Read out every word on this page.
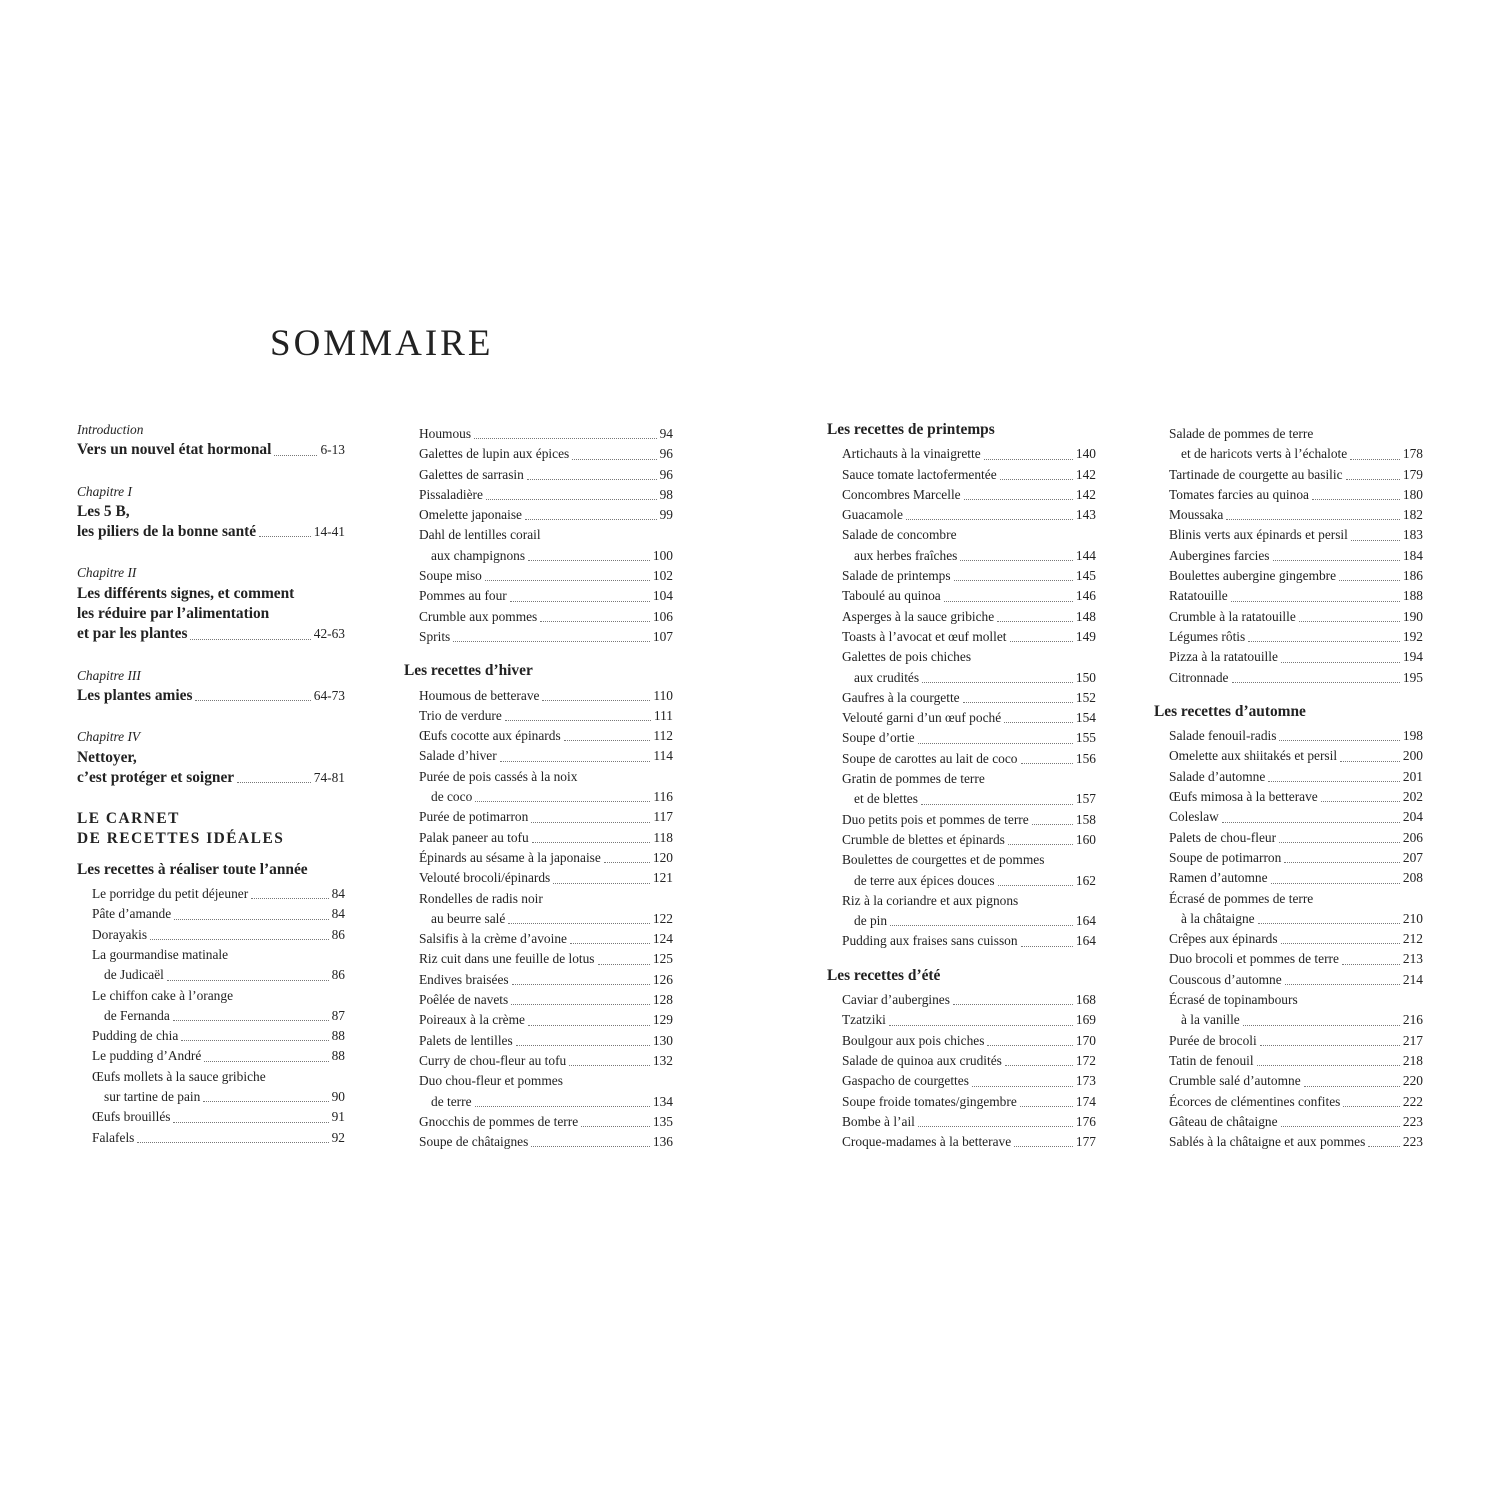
SOMMAIRE
Introduction
Vers un nouvel état hormonal	6-13
Chapitre I
Les 5 B,
les piliers de la bonne santé	14-41
Chapitre II
Les différents signes, et comment
les réduire par l’alimentation
et par les plantes	42-63
Chapitre III
Les plantes amies	64-73
Chapitre IV
Nettoyer,
c’est protéger et soigner	74-81
LE CARNET
DE RECETTES IDÉALES
Les recettes à réaliser toute l’année
Le porridge du petit déjeuner	84
Pâte d’amande	84
Dorayakis	86
La gourmandise matinale
de Judicaël	86
Le chiffon cake à l’orange
de Fernanda	87
Pudding de chia	88
Le pudding d’André	88
Œufs mollets à la sauce gribiche
sur tartine de pain	90
Œufs brouillés	91
Falafels	92
Houmous	94
Galettes de lupin aux épices	96
Galettes de sarrasin	96
Pissaladière	98
Omelette japonaise	99
Dahl de lentilles corail
aux champignons	100
Soupe miso	102
Pommes au four	104
Crumble aux pommes	106
Sprits	107
Les recettes d’hiver
Houmous de betterave	110
Trio de verdure	111
Œufs cocotte aux épinards	112
Salade d’hiver	114
Purée de pois cassés à la noix
de coco	116
Purée de potimarron	117
Palak paneer au tofu	118
Épinards au sésame à la japonaise	120
Velouté brocoli/épinards	121
Rondelles de radis noir
au beurre salé	122
Salsifis à la crème d’avoine	124
Riz cuit dans une feuille de lotus	125
Endives braisées	126
Poêlée de navets	128
Poireaux à la crème	129
Palets de lentilles	130
Curry de chou-fleur au tofu	132
Duo chou-fleur et pommes
de terre	134
Gnocchis de pommes de terre	135
Soupe de châtaignes	136
Les recettes de printemps
Artichauts à la vinaigrette	140
Sauce tomate lactofermentée	142
Concombres Marcelle	142
Guacamole	143
Salade de concombre
aux herbes fraîches	144
Salade de printemps	145
Taboulé au quinoa	146
Asperges à la sauce gribiche	148
Toasts à l’avocat et œuf mollet	149
Galettes de pois chiches
aux crudités	150
Gaufres à la courgette	152
Velouté garni d’un œuf poché	154
Soupe d’ortie	155
Soupe de carottes au lait de coco	156
Gratin de pommes de terre
et de blettes	157
Duo petits pois et pommes de terre	158
Crumble de blettes et épinards	160
Boulettes de courgettes et de pommes
de terre aux épices douces	162
Riz à la coriandre et aux pignons
de pin	164
Pudding aux fraises sans cuisson	164
Les recettes d’été
Caviar d’aubergines	168
Tzatziki	169
Boulgour aux pois chiches	170
Salade de quinoa aux crudités	172
Gaspacho de courgettes	173
Soupe froide tomates/gingembre	174
Bombe à l’ail	176
Croque-madames à la betterave	177
Salade de pommes de terre
et de haricots verts à l’échalote	178
Tartinade de courgette au basilic	179
Tomates farcies au quinoa	180
Moussaka	182
Blinis verts aux épinards et persil	183
Aubergines farcies	184
Boulettes aubergine gingembre	186
Ratatouille	188
Crumble à la ratatouille	190
Légumes rôtis	192
Pizza à la ratatouille	194
Citronnade	195
Les recettes d’automne
Salade fenouil-radis	198
Omelette aux shiitakés et persil	200
Salade d’automne	201
Œufs mimosa à la betterave	202
Coleslaw	204
Palets de chou-fleur	206
Soupe de potimarron	207
Ramen d’automne	208
Écrasé de pommes de terre
à la châtaigne	210
Crêpes aux épinards	212
Duo brocoli et pommes de terre	213
Couscous d’automne	214
Écrasé de topinambours
à la vanille	216
Purée de brocoli	217
Tatin de fenouil	218
Crumble salé d’automne	220
Écorces de clémentines confites	222
Gâteau de châtaigne	223
Sablés à la châtaigne et aux pommes	223
